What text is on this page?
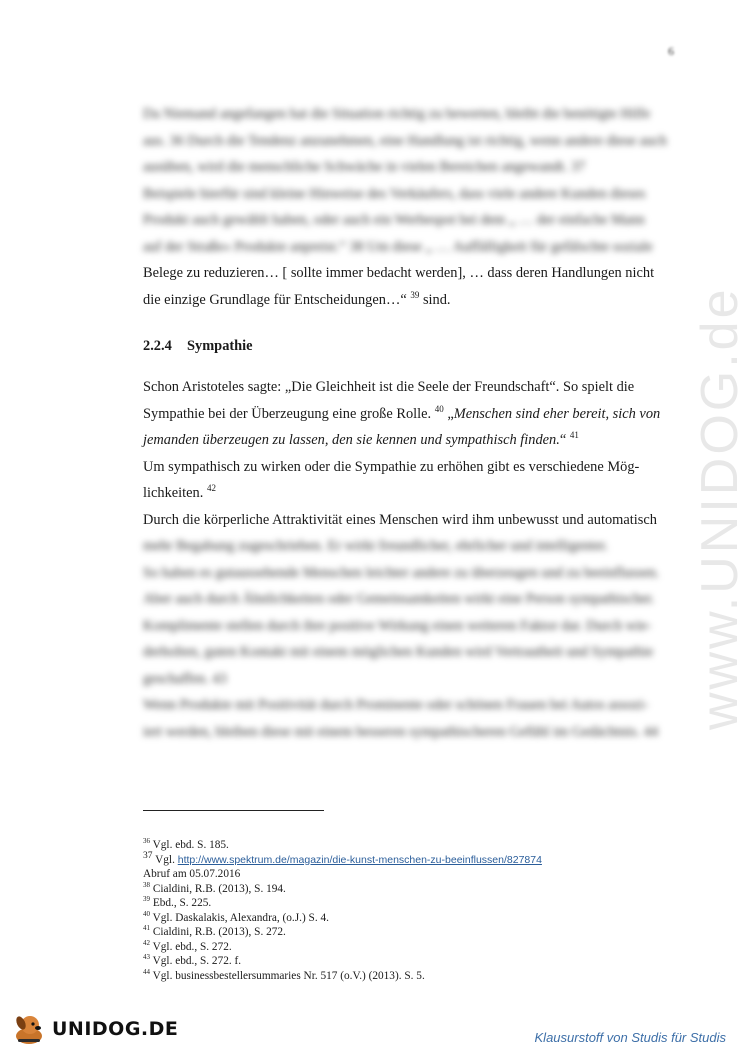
www.UNIDOG.de
6
Da Niemand angefangen hat die Situation richtig zu bewerten, bleibt die benötigte Hilfe
aus. 36 Durch die Tendenz anzunehmen, eine Handlung ist richtig, wenn andere diese auch
ausüben, wird die menschliche Schwäche in vielen Bereichen angewandt. 37
Beispiele hierfür sind kleine Hinweise des Verkäufers, dass viele andere Kunden dieses
Produkt auch gewählt haben, oder auch ein Werbespot bei dem „ … der einfache Mann
auf der Straße« Produkte anpreist.“ 38 Um diese „ … Auffälligkeit für gefälschte soziale
Belege zu reduzieren… [ sollte immer bedacht werden], … dass deren Handlungen nicht
die einzige Grundlage für Entscheidungen…“ $^{39}$ sind.
2.2.4 Sympathie
Schon Aristoteles sagte: „Die Gleichheit ist die Seele der Freundschaft“. So spielt die
Sympathie bei der Überzeugung eine große Rolle. $^{40}$ „Menschen sind eher bereit, sich von
jemanden überzeugen zu lassen, den sie kennen und sympathisch finden.“ $^{41}$
Um sympathisch zu wirken oder die Sympathie zu erhöhen gibt es verschiedene Mög-
lichkeiten. $^{42}$
Durch die körperliche Attraktivität eines Menschen wird ihm unbewusst und automatisch
mehr Begabung zugeschrieben. Er wirkt freundlicher, ehrlicher und intelligenter.
So haben es gutaussehende Menschen leichter andere zu überzeugen und zu beeinflussen.
Aber auch durch Ähnlichkeiten oder Gemeinsamkeiten wirkt eine Person sympathischer.
Komplimente stellen durch ihre positive Wirkung einen weiteren Faktor dar. Durch wie-
derholten, guten Kontakt mit einem möglichen Kunden wird Vertrautheit und Sympathie
geschaffen. 43
Wenn Produkte mit Positivität durch Prominente oder schönen Frauen bei Autos assozi-
iert werden, bleiben diese mit einem besseren sympathischeren Gefühl im Gedächtnis. 44
$^{36}$ Vgl. ebd. S. 185.
$^{37}$ Vgl. http://www.spektrum.de/magazin/die-kunst-menschen-zu-beeinflussen/827874
Abruf am 05.07.2016
$^{38}$ Cialdini, R.B. (2013), S. 194.
$^{39}$ Ebd., S. 225.
$^{40}$ Vgl. Daskalakis, Alexandra, (o.J.) S. 4.
$^{41}$ Cialdini, R.B. (2013), S. 272.
$^{42}$ Vgl. ebd., S. 272.
$^{43}$ Vgl. ebd., S. 272. f.
$^{44}$ Vgl. businessbestellersummaries Nr. 517 (o.V.) (2013). S. 5.
UNIDOG.DE	Klausurstoff von Studis für Studis
